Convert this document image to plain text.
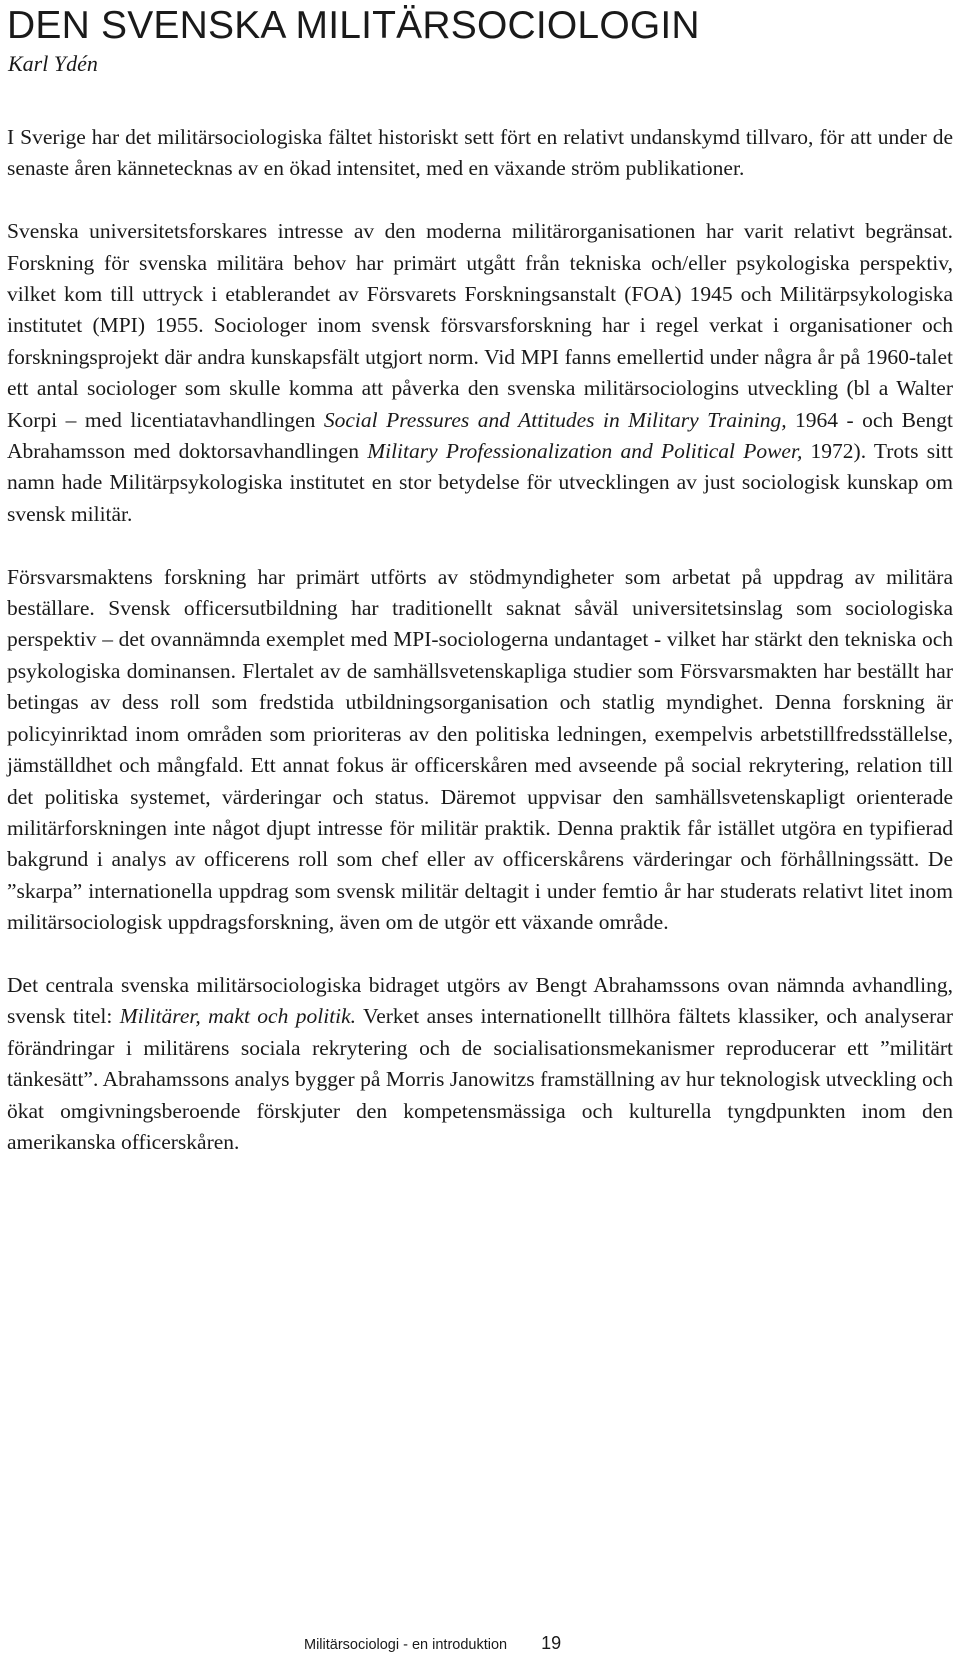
DEN SVENSKA MILITÄRSOCIOLOGIN
Karl Ydén

I Sverige har det militärsociologiska fältet historiskt sett fört en relativt undanskymd tillvaro, för att under de senaste åren kännetecknas av en ökad intensitet, med en växande ström publikationer.

Svenska universitetsforskares intresse av den moderna militärorganisationen har varit relativt begränsat. Forskning för svenska militära behov har primärt utgått från tekniska och/eller psykologiska perspektiv, vilket kom till uttryck i etablerandet av Försvarets Forskningsanstalt (FOA) 1945 och Militärpsykologiska institutet (MPI) 1955. Sociologer inom svensk försvarsforskning har i regel verkat i organisationer och forskningsprojekt där andra kunskapsfält utgjort norm. Vid MPI fanns emellertid under några år på 1960-talet ett antal sociologer som skulle komma att påverka den svenska militärsociologins utveckling (bl a Walter Korpi – med licentiatavhandlingen Social Pressures and Attitudes in Military Training, 1964 - och Bengt Abrahamsson med doktorsavhandlingen Military Professionalization and Political Power, 1972). Trots sitt namn hade Militärpsykologiska institutet en stor betydelse för utvecklingen av just sociologisk kunskap om svensk militär.

Försvarsmaktens forskning har primärt utförts av stödmyndigheter som arbetat på uppdrag av militära beställare. Svensk officersutbildning har traditionellt saknat såväl universitetsinslag som sociologiska perspektiv – det ovannämnda exemplet med MPI-sociologerna undantaget - vilket har stärkt den tekniska och psykologiska dominansen. Flertalet av de samhällsvetenskapliga studier som Försvarsmakten har beställt har betingas av dess roll som fredstida utbildningsorganisation och statlig myndighet. Denna forskning är policyinriktad inom områden som prioriteras av den politiska ledningen, exempelvis arbetstillfredsställelse, jämställdhet och mångfald. Ett annat fokus är officerskåren med avseende på social rekrytering, relation till det politiska systemet, värderingar och status. Däremot uppvisar den samhällsvetenskapligt orienterade militärforskningen inte något djupt intresse för militär praktik. Denna praktik får istället utgöra en typifierad bakgrund i analys av officerens roll som chef eller av officerskårens värderingar och förhållningssätt. De ”skarpa” internationella uppdrag som svensk militär deltagit i under femtio år har studerats relativt litet inom militärsociologisk uppdragsforskning, även om de utgör ett växande område.

Det centrala svenska militärsociologiska bidraget utgörs av Bengt Abrahamssons ovan nämnda avhandling, svensk titel: Militärer, makt och politik. Verket anses internationellt tillhöra fältets klassiker, och analyserar förändringar i militärens sociala rekrytering och de socialisationsmekanismer reproducerar ett ”militärt tänkesätt”. Abrahamssons analys bygger på Morris Janowitzs framställning av hur teknologisk utveckling och ökat omgivningsberoende förskjuter den kompetensmässiga och kulturella tyngdpunkten inom den amerikanska officerskåren.

Militärsociologi - en introduktion 19
